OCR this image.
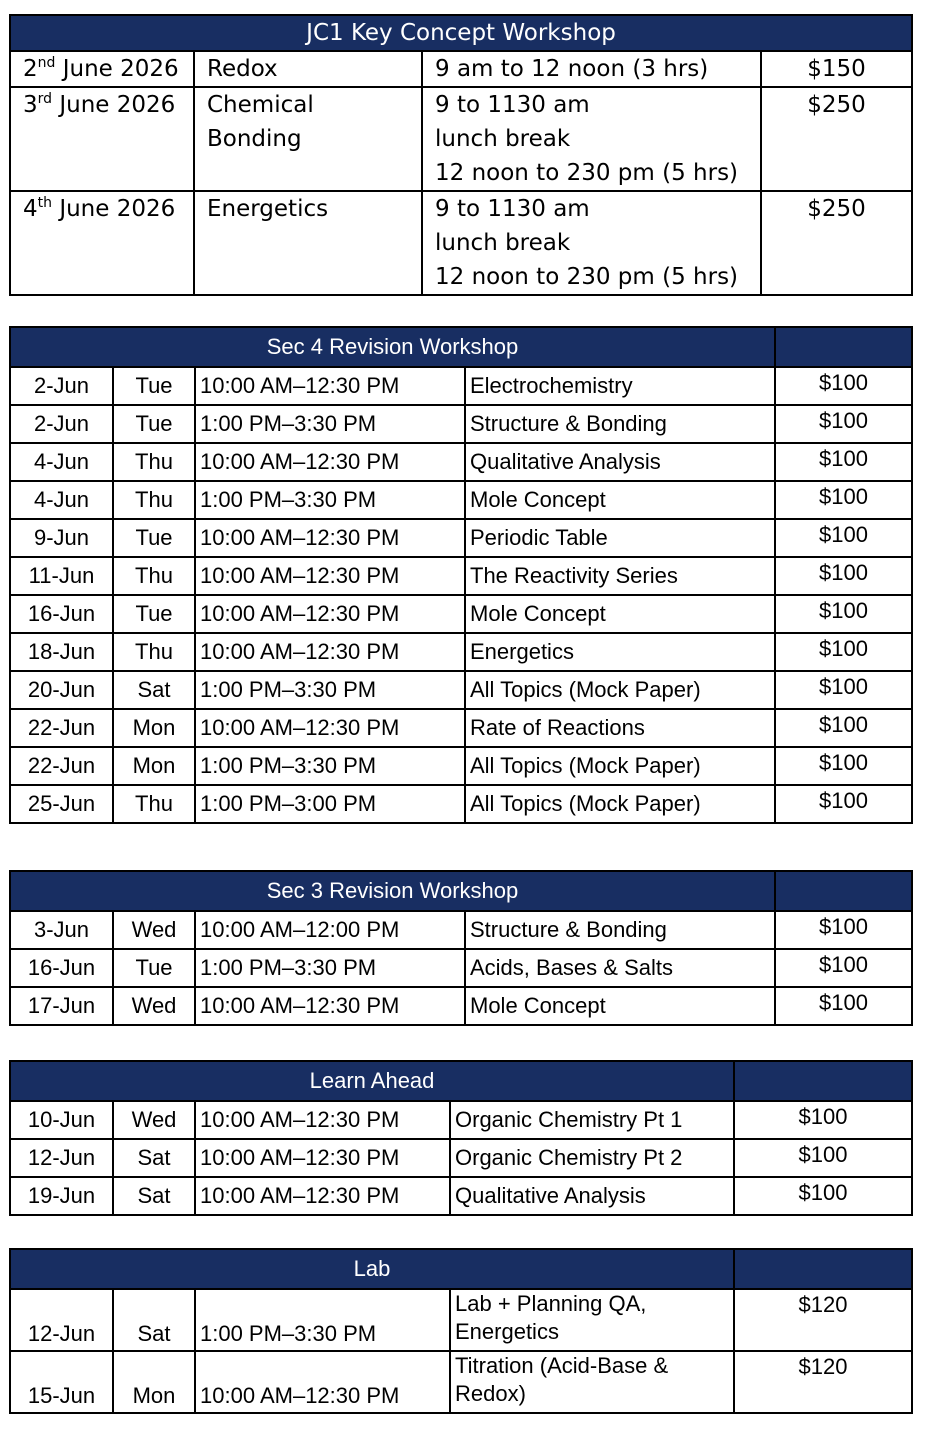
JC1 Key Concept Workshop			
2nd June 2026	Redox	9 am to 12 noon (3 hrs)	$150
3rd June 2026	Chemical Bonding	9 to 1130 am
lunch break
12 noon to 230 pm (5 hrs)	$250
4th June 2026	Energetics	9 to 1130 am
lunch break
12 noon to 230 pm (5 hrs)	$250
Sec 4 Revision Workshop				
2-Jun	Tue	10:00 AM–12:30 PM	Electrochemistry	$100
2-Jun	Tue	1:00 PM–3:30 PM	Structure & Bonding	$100
4-Jun	Thu	10:00 AM–12:30 PM	Qualitative Analysis	$100
4-Jun	Thu	1:00 PM–3:30 PM	Mole Concept	$100
9-Jun	Tue	10:00 AM–12:30 PM	Periodic Table	$100
11-Jun	Thu	10:00 AM–12:30 PM	The Reactivity Series	$100
16-Jun	Tue	10:00 AM–12:30 PM	Mole Concept	$100
18-Jun	Thu	10:00 AM–12:30 PM	Energetics	$100
20-Jun	Sat	1:00 PM–3:30 PM	All Topics (Mock Paper)	$100
22-Jun	Mon	10:00 AM–12:30 PM	Rate of Reactions	$100
22-Jun	Mon	1:00 PM–3:30 PM	All Topics (Mock Paper)	$100
25-Jun	Thu	1:00 PM–3:00 PM	All Topics (Mock Paper)	$100
Sec 3 Revision Workshop				
3-Jun	Wed	10:00 AM–12:00 PM	Structure & Bonding	$100
16-Jun	Tue	1:00 PM–3:30 PM	Acids, Bases & Salts	$100
17-Jun	Wed	10:00 AM–12:30 PM	Mole Concept	$100
Learn Ahead				
10-Jun	Wed	10:00 AM–12:30 PM	Organic Chemistry Pt 1	$100
12-Jun	Sat	10:00 AM–12:30 PM	Organic Chemistry Pt 2	$100
19-Jun	Sat	10:00 AM–12:30 PM	Qualitative Analysis	$100
Lab				
12-Jun	Sat	1:00 PM–3:30 PM	Lab + Planning QA,
Energetics	$120
15-Jun	Mon	10:00 AM–12:30 PM	Titration (Acid-Base &
Redox)	$120
